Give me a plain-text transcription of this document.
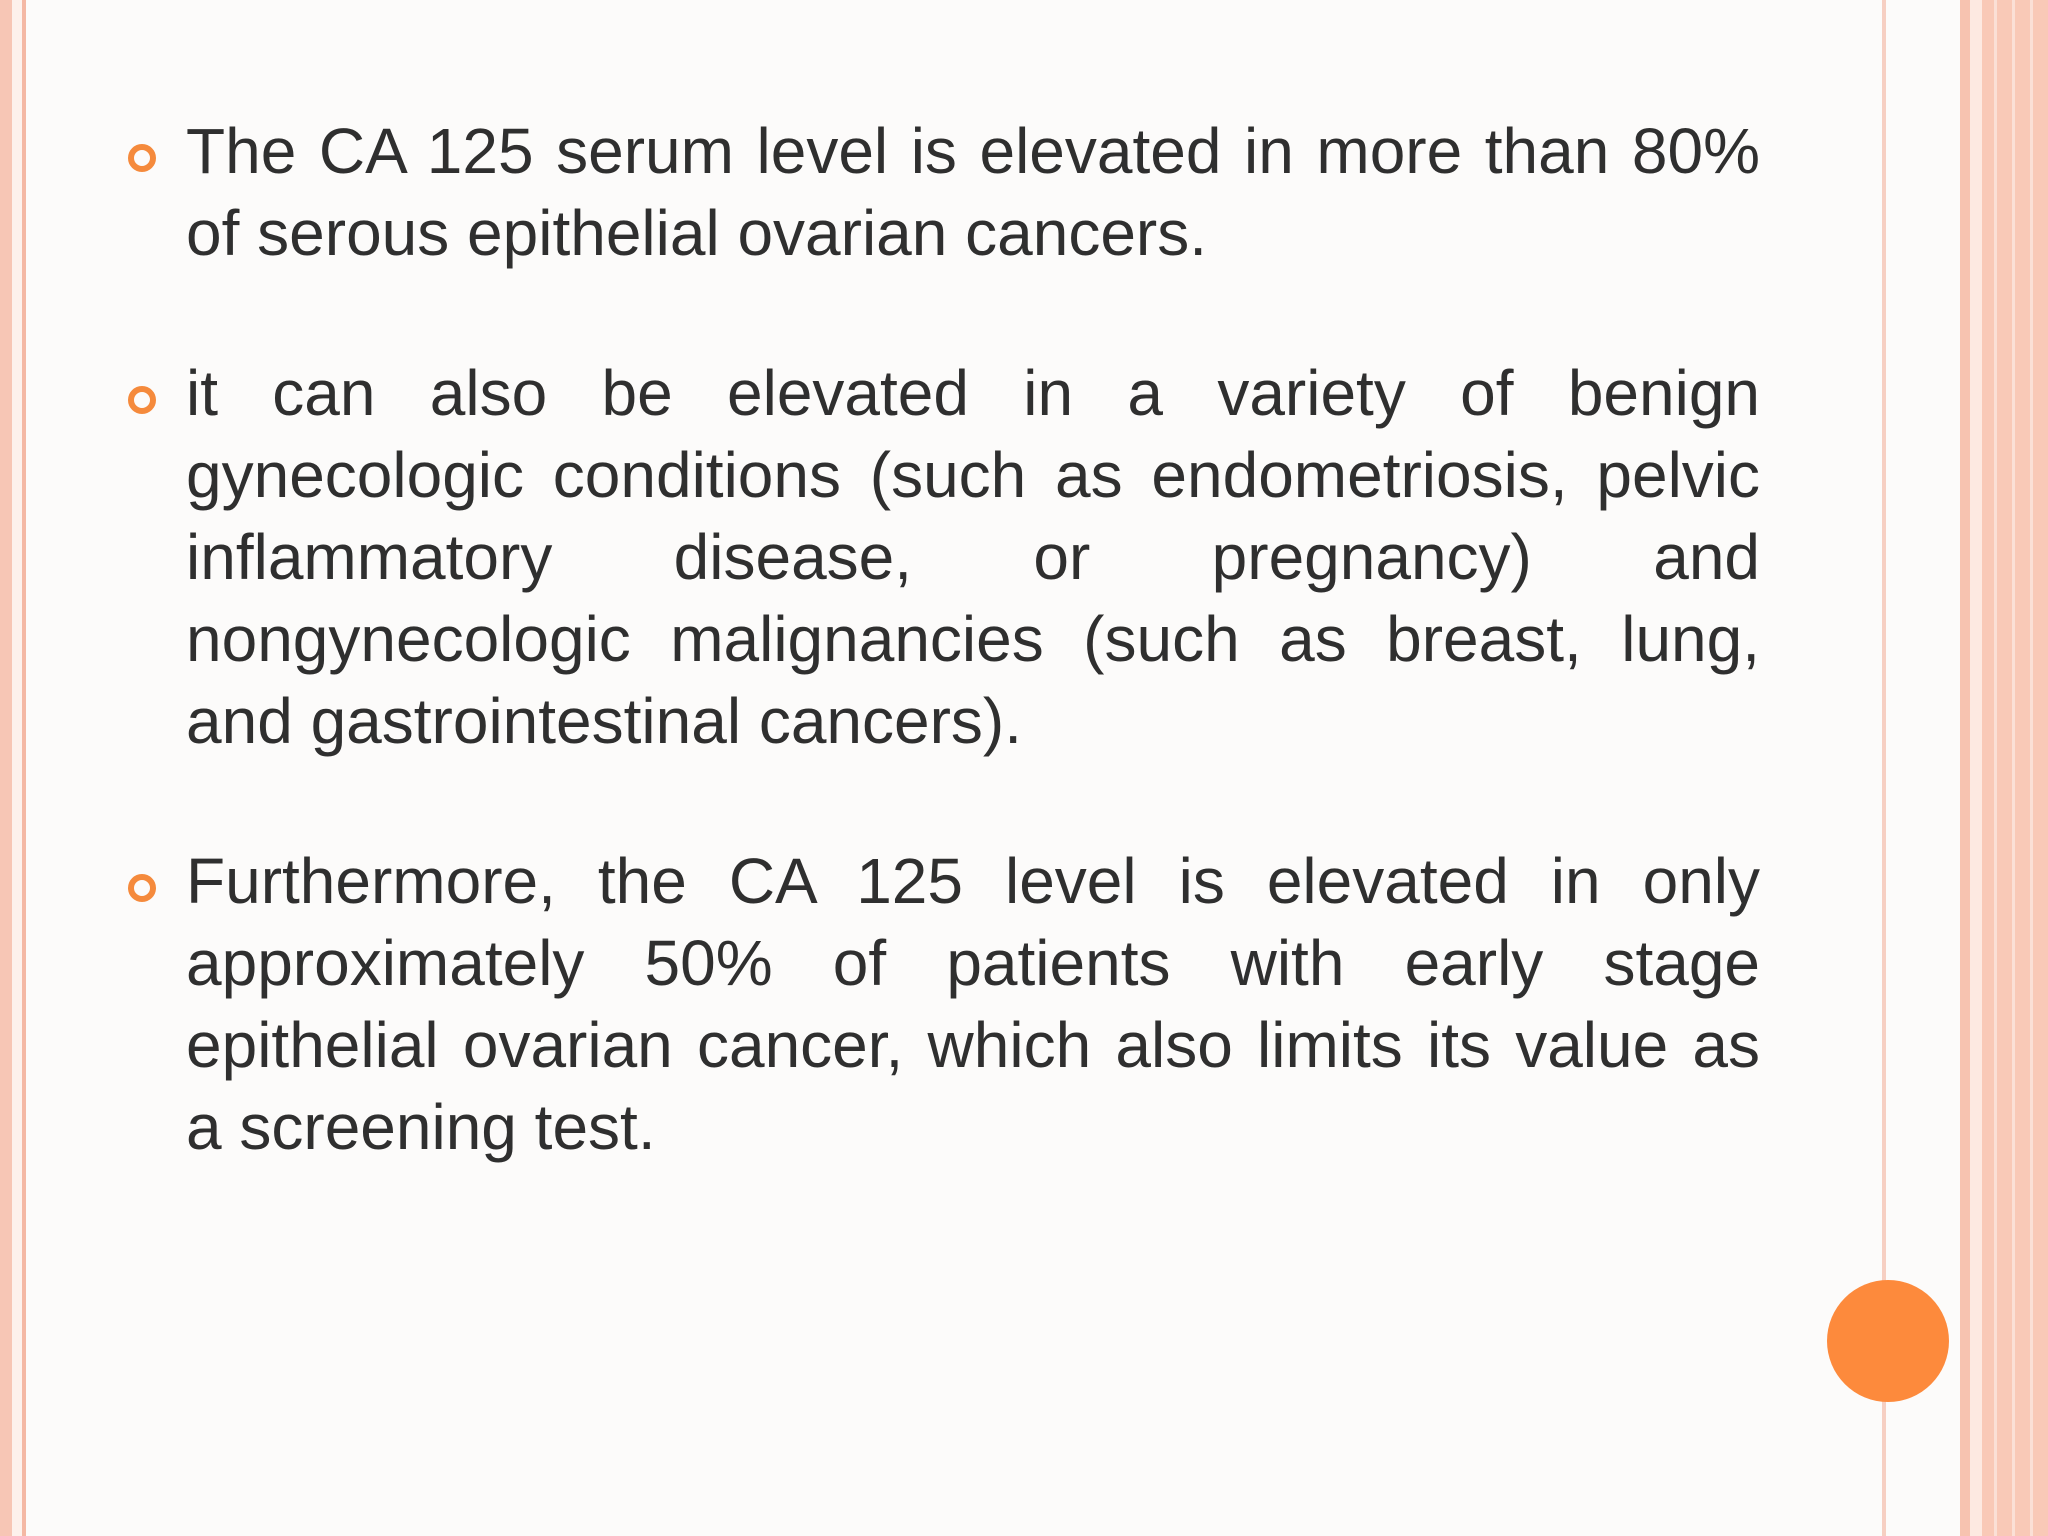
The CA 125 serum level is elevated in more than 80% of serous epithelial ovarian cancers.

it can also be elevated in a variety of benign gynecologic conditions (such as endometriosis, pelvic inflammatory disease, or pregnancy) and nongynecologic malignancies (such as breast, lung, and gastrointestinal cancers).

Furthermore, the CA 125 level is elevated in only approximately 50% of patients with early stage epithelial ovarian cancer, which also limits its value as a screening test.
